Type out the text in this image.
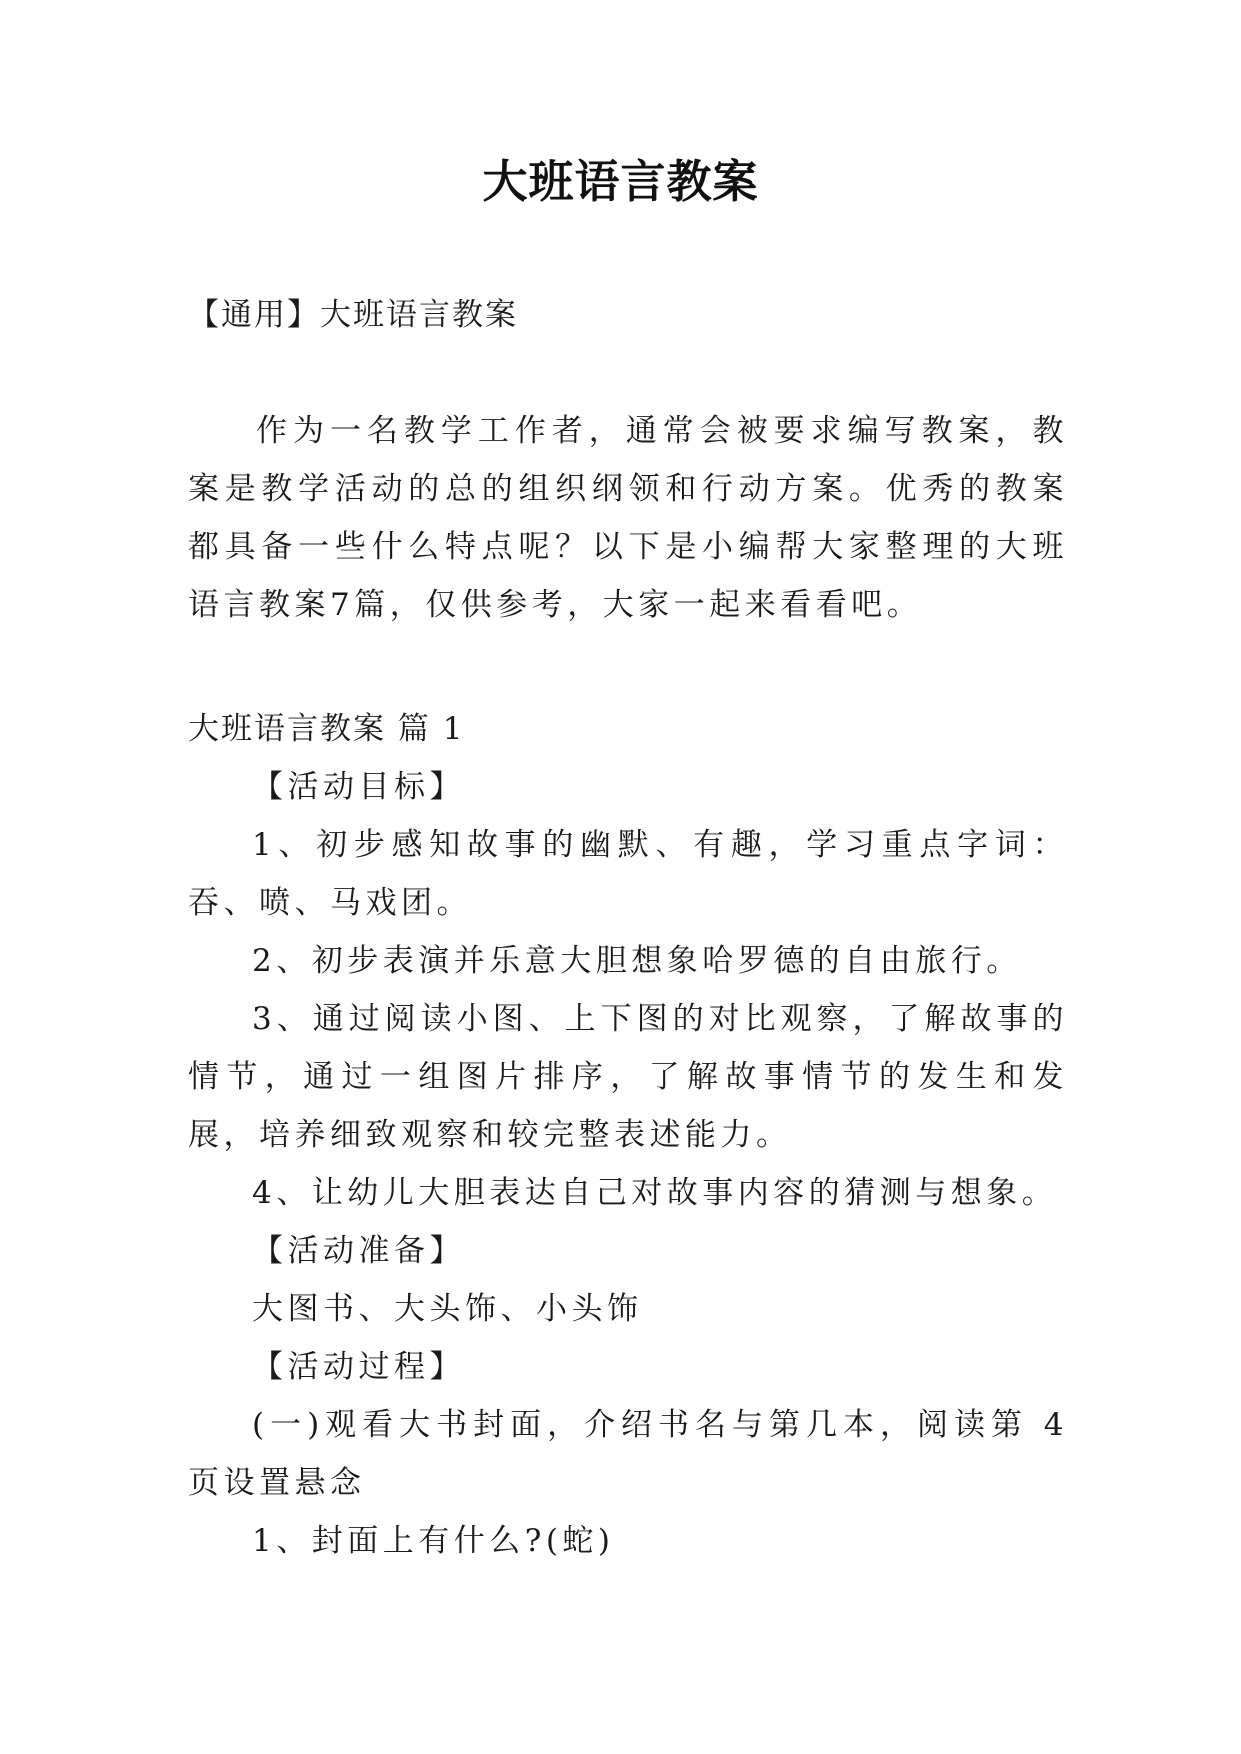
大班语言教案
【通用】大班语言教案

作为一名教学工作者，通常会被要求编写教案，教案是教学活动的总的组织纲领和行动方案。优秀的教案都具备一些什么特点呢？以下是小编帮大家整理的大班语言教案7篇，仅供参考，大家一起来看看吧。

大班语言教案 篇 1

【活动目标】

1、初步感知故事的幽默、有趣，学习重点字词：吞、喷、马戏团。

2、初步表演并乐意大胆想象哈罗德的自由旅行。

3、通过阅读小图、上下图的对比观察，了解故事的情节，通过一组图片排序，了解故事情节的发生和发展，培养细致观察和较完整表述能力。

4、让幼儿大胆表达自己对故事内容的猜测与想象。

【活动准备】

大图书、大头饰、小头饰

【活动过程】

(一)观看大书封面，介绍书名与第几本，阅读第 4 页设置悬念

1、封面上有什么?(蛇)
